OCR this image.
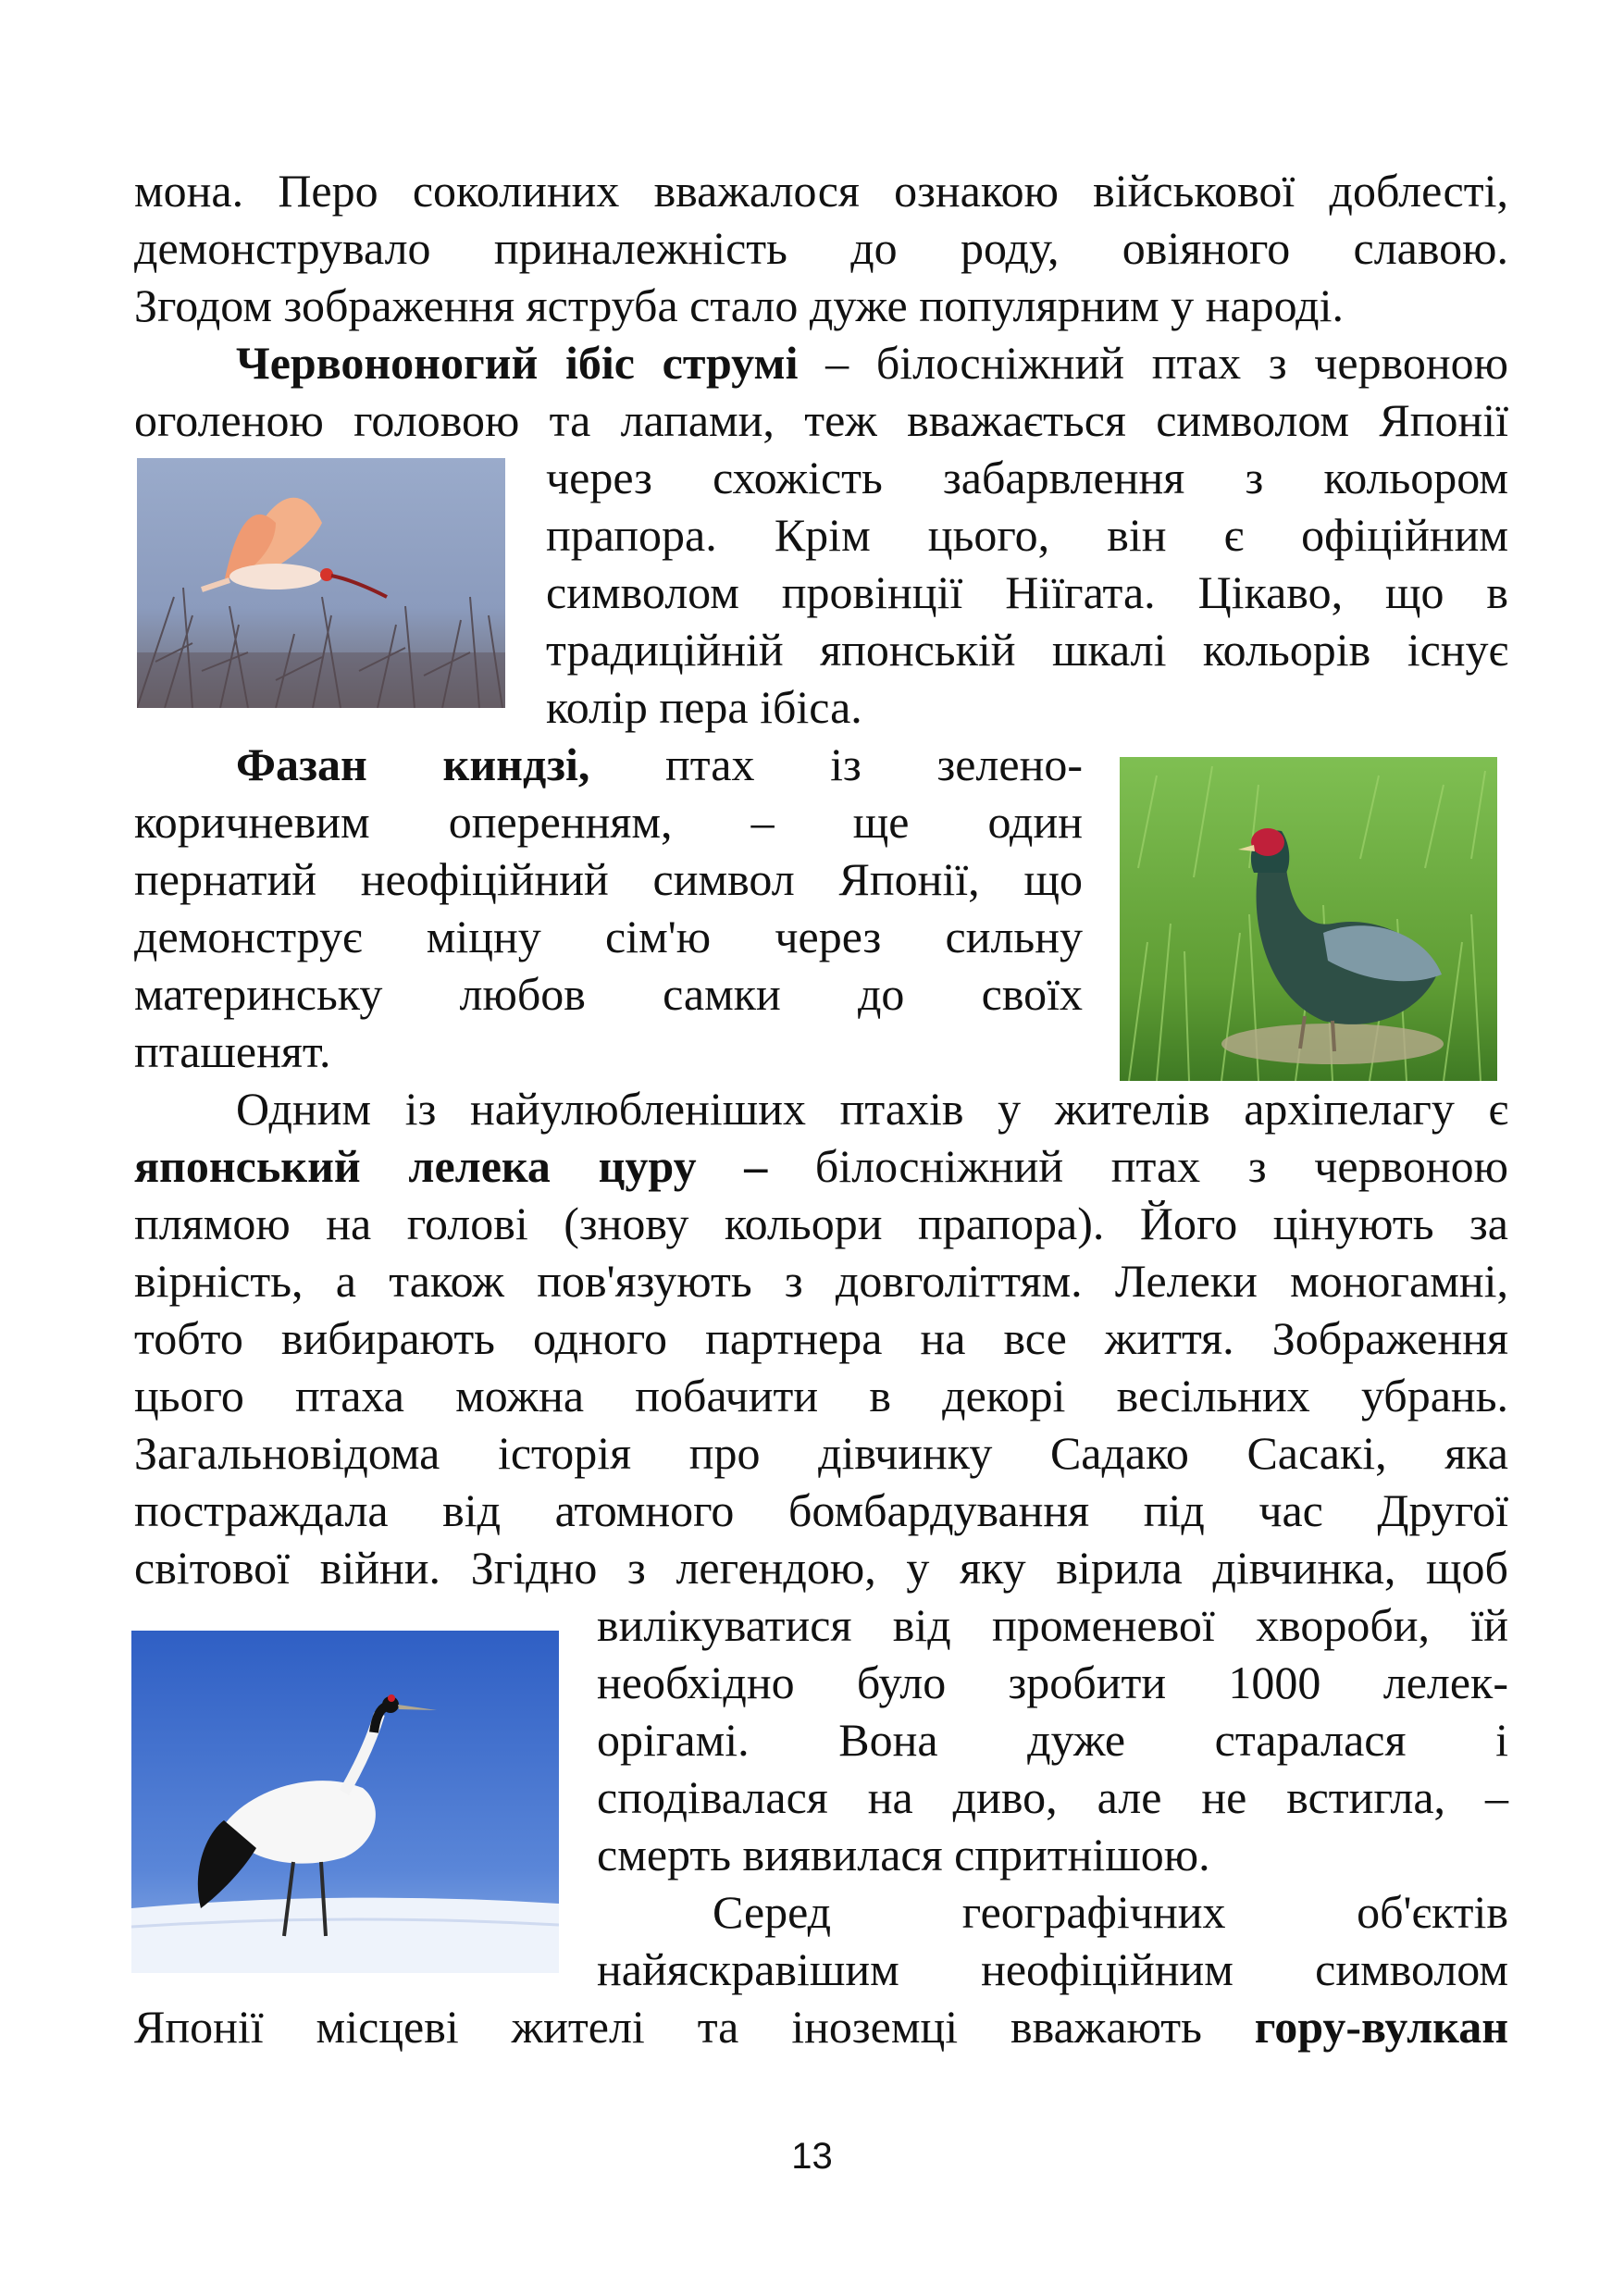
мона. Перо соколиних вважалося ознакою військової доблесті,
демонструвало приналежність до роду, овіяного славою.
Згодом зображення яструба стало дуже популярним у народі.
Червононогий ібіс струмі – білосніжний птах з червоною
оголеною головою та лапами, теж вважається символом Японії
через схожість забарвлення з кольором
прапора. Крім цього, він є офіційним
символом провінції Ніїгата. Цікаво, що в
традиційній японській шкалі кольорів існує
колір пера ібіса.
Фазан киндзі, птах із зелено-
коричневим оперенням, – ще один
пернатий неофіційний символ Японії, що
демонструє міцну сім'ю через сильну
материнську любов самки до своїх
пташенят.
Одним із найулюбленіших птахів у жителів архіпелагу є
японський лелека цуру – білосніжний птах з червоною
плямою на голові (знову кольори прапора). Його цінують за
вірність, а також пов'язують з довголіттям. Лелеки моногамні,
тобто вибирають одного партнера на все життя. Зображення
цього птаха можна побачити в декорі весільних убрань.
Загальновідома історія про дівчинку Садако Сасакі, яка
постраждала від атомного бомбардування під час Другої
світової війни. Згідно з легендою, у яку вірила дівчинка, щоб
вилікуватися від променевої хвороби, їй
необхідно було зробити 1000 лелек-
орігамі. Вона дуже старалася і
сподівалася на диво, але не встигла, –
смерть виявилася спритнішою.
Серед географічних об'єктів
найяскравішим неофіційним символом
Японії місцеві жителі та іноземці вважають гору-вулкан
13
